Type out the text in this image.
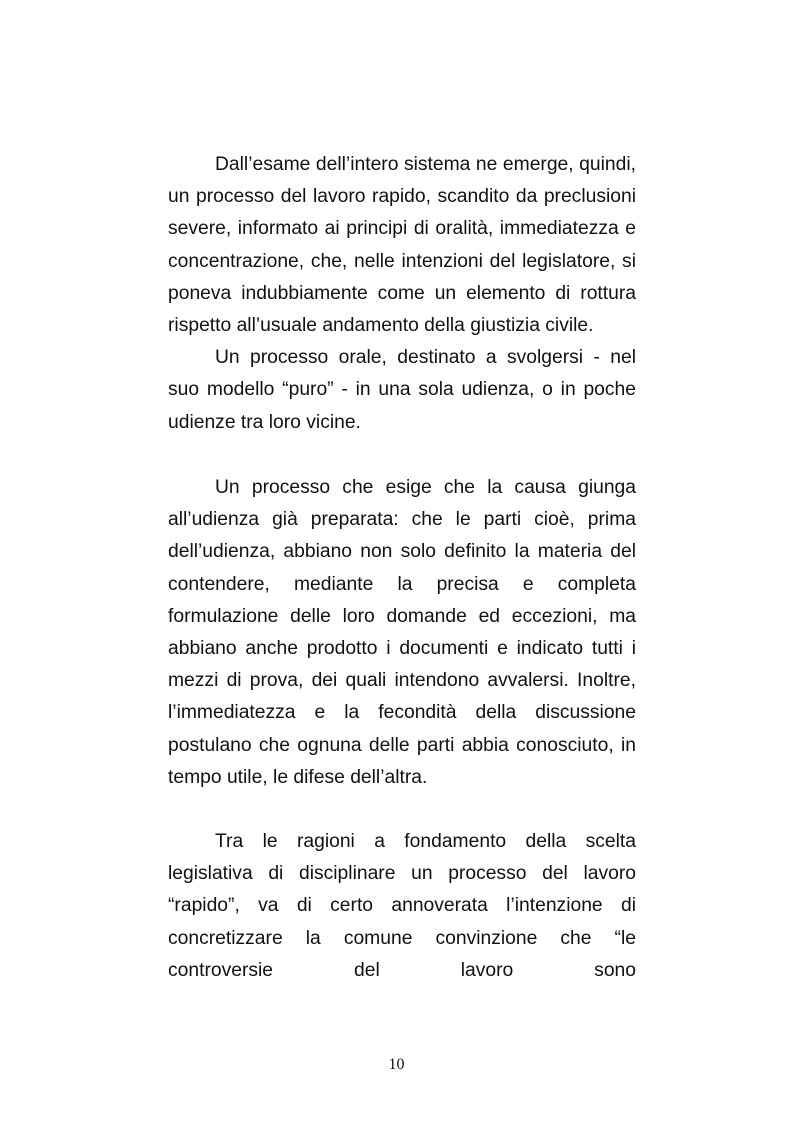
Dall’esame dell’intero sistema ne emerge, quindi, un processo del lavoro rapido, scandito da preclusioni severe, informato ai principi di oralità, immediatezza e concentrazione, che, nelle intenzioni del legislatore, si poneva indubbiamente come un elemento di rottura rispetto all’usuale andamento della giustizia civile.

Un processo orale, destinato a svolgersi - nel suo modello “puro” - in una sola udienza, o in poche udienze tra loro vicine.

Un processo che esige che la causa giunga all’udienza già preparata: che le parti cioè, prima dell’udienza, abbiano non solo definito la materia del contendere, mediante la precisa e completa formulazione delle loro domande ed eccezioni, ma abbiano anche prodotto i documenti e indicato tutti i mezzi di prova, dei quali intendono avvalersi. Inoltre, l’immediatezza e la fecondità della discussione postulano che ognuna delle parti abbia conosciuto, in tempo utile, le difese dell’altra.

Tra le ragioni a fondamento della scelta legislativa di disciplinare un processo del lavoro “rapido”, va di certo annoverata l’intenzione di concretizzare la comune convinzione che “le controversie del lavoro sono

10
